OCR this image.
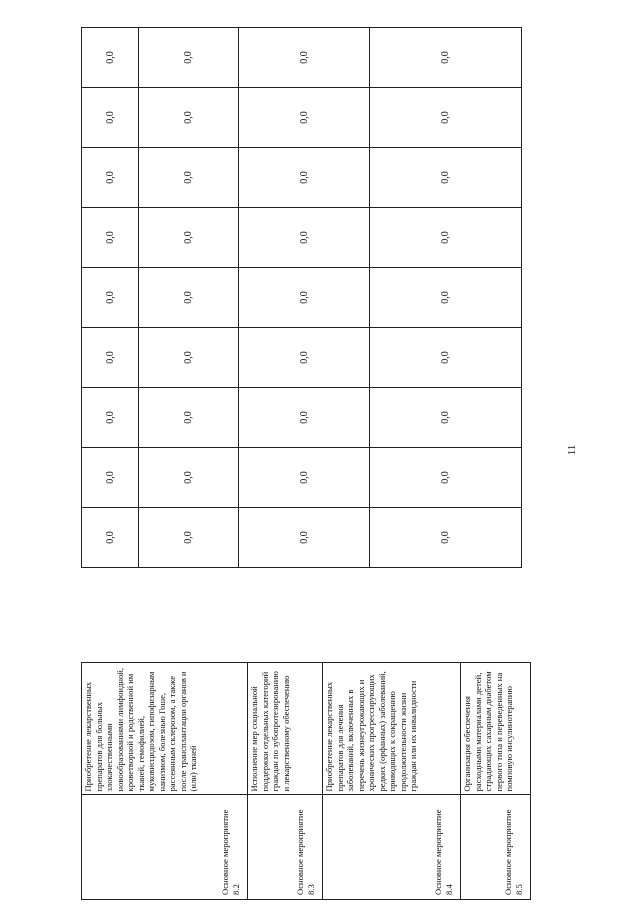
11
Основное мероприятие 8.2	Приобретение лекарственных препаратов для больных злокачественными новообразованиями лимфоидной, кроветворной и родственной им тканей, гемофилией, муковисцидозом, гипофизарным нанизмом, болезнью Гоше, рассеянным склерозом, а также после трансплантации органов и (или) тканей
Основное мероприятие 8.3	Исполнение мер социальной поддержки отдельных категорий граждан по зубопротезированию и лекарственному обеспечению
Основное мероприятие 8.4	Приобретение лекарственных препаратов для лечения заболеваний, включенных в перечень жизнеугрожающих и хронических прогрессирующих редких (орфанных) заболеваний, приводящих к сокращению продолжительности жизни граждан или их инвалидности
Основное мероприятие 8.5	Организация обеспечения расходными материалами детей, страдающих сахарным диабетом первого типа и переведенных на помповую инсулинотерапию
0,0	0,0	0,0	0,0	0,0	0,0	0,0	0,0	0,0
0,0	0,0	0,0	0,0	0,0	0,0	0,0	0,0	0,0
0,0	0,0	0,0	0,0	0,0	0,0	0,0	0,0	0,0
0,0	0,0	0,0	0,0	0,0	0,0	0,0	0,0	0,0
